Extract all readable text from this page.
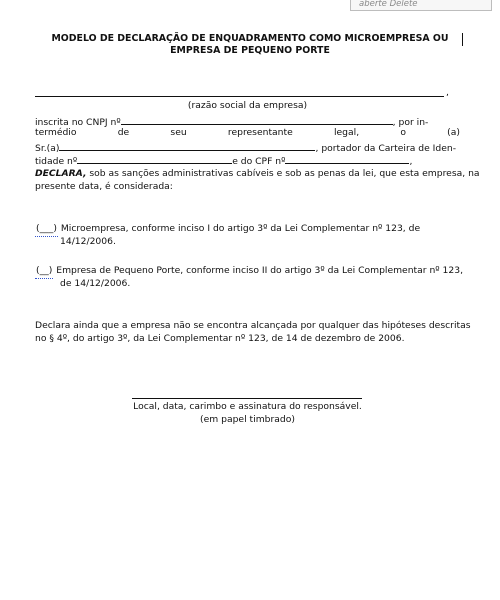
aberte Delete
MODELO DE DECLARAÇÃO DE ENQUADRAMENTO COMO MICROEMPRESA OU EMPRESA DE PEQUENO PORTE
,
(razão social da empresa)
inscrita no CNPJ nº	, por in-
termédio	de	seu	representante	legal,	o	(a)
Sr.(a)	, portador da Carteira de Iden-
tidade nº	e do CPF nº	,
DECLARA, sob as sanções administrativas cabíveis e sob as penas da lei, que esta empresa, na
presente data, é considerada:
(___) Microempresa, conforme inciso I do artigo 3º da Lei Complementar nº 123, de
14/12/2006.
(__) Empresa de Pequeno Porte, conforme inciso II do artigo 3º da Lei Complementar nº 123,
de 14/12/2006.
Declara ainda que a empresa não se encontra alcançada por qualquer das hipóteses descritas
no § 4º, do artigo 3º, da Lei Complementar nº 123, de 14 de dezembro de 2006.
Local, data, carimbo e assinatura do responsável.
(em papel timbrado)
